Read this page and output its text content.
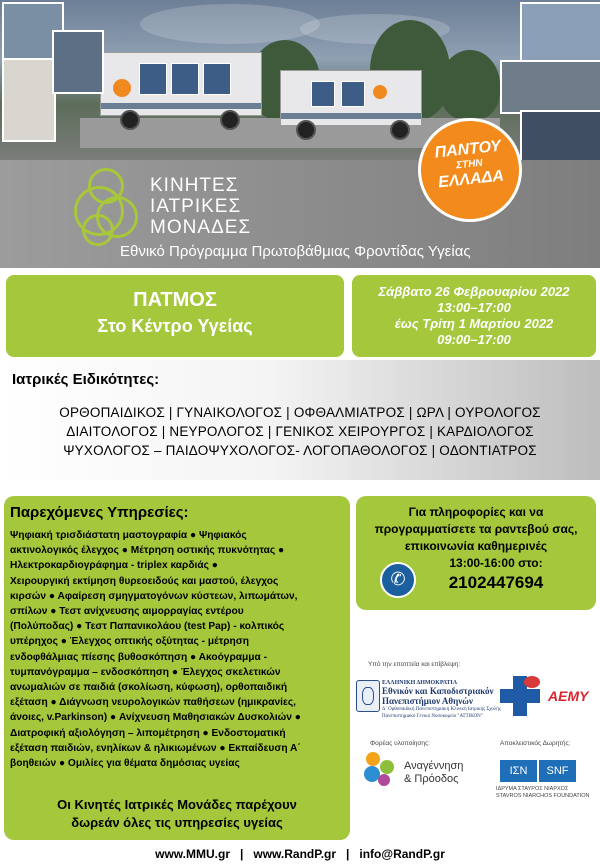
ΚΙΝΗΤΕΣ
ΙΑΤΡΙΚΕΣ
ΜΟΝΑΔΕΣ
Εθνικό Πρόγραμμα Πρωτοβάθμιας Φροντίδας Υγείας
ΠΑΝΤΟΥ
ΣΤΗΝ
ΕΛΛΑΔΑ
ΠΑΤΜΟΣ
Στο Κέντρο Υγείας
Σάββατο 26 Φεβρουαρίου 2022
13:00–17:00
έως Τρίτη 1 Μαρτίου 2022
09:00–17:00
Ιατρικές Ειδικότητες:
ΟΡΘΟΠΑΙΔΙΚΟΣ | ΓΥΝΑΙΚΟΛΟΓΟΣ | ΟΦΘΑΛΜΙΑΤΡΟΣ | ΩΡΛ | ΟΥΡΟΛΟΓΟΣ
ΔΙΑΙΤΟΛΟΓΟΣ | ΝΕΥΡΟΛΟΓΟΣ | ΓΕΝΙΚΟΣ ΧΕΙΡΟΥΡΓΟΣ | ΚΑΡΔΙΟΛΟΓΟΣ
ΨΥΧΟΛΟΓΟΣ – ΠΑΙΔΟΨΥΧΟΛΟΓΟΣ- ΛΟΓΟΠΑΘΟΛΟΓΟΣ | ΟΔΟΝΤΙΑΤΡΟΣ
Παρεχόμενες Υπηρεσίες:
Ψηφιακή τρισδιάστατη μαστογραφία ● Ψηφιακός
ακτινολογικός έλεγχος ● Μέτρηση οστικής πυκνότητας ●
Ηλεκτροκαρδιογράφημα - triplex καρδιάς ●
Χειρουργική εκτίμηση θυρεοειδούς και μαστού, έλεγχος
κιρσών ● Αφαίρεση σμηγματογόνων κύστεων, λιπωμάτων,
σπίλων ● Τεστ ανίχνευσης αιμορραγίας εντέρου
(Πολύποδας) ● Τεστ Παπανικολάου (test Pap) - κολπικός
υπέρηχος ● Έλεγχος οπτικής οξύτητας - μέτρηση
ενδοφθάλμιας πίεσης βυθοσκόπηση ● Ακοόγραμμα -
τυμπανόγραμμα – ενδοσκόπηση ● Έλεγχος σκελετικών
ανωμαλιών σε παιδιά (σκολίωση, κύφωση), ορθοπαιδική
εξέταση ● Διάγνωση νευρολογικών παθήσεων (ημικρανίες,
άνοιες, v.Parkinson) ● Ανίχνευση Μαθησιακών Δυσκολιών ●
Διατροφική αξιολόγηση – λιπομέτρηση ● Ενδοστοματική
εξέταση παιδιών, ενηλίκων & ηλικιωμένων ● Εκπαίδευση Α΄
βοηθειών ● Ομιλίες για θέματα δημόσιας υγείας
Οι Κινητές Ιατρικές Μονάδες παρέχουν
δωρεάν όλες τις υπηρεσίες υγείας
Για πληροφορίες και να
προγραμματίσετε τα ραντεβού σας,
επικοινωνία καθημερινές
13:00-16:00 στο:
2102447694
✆
Υπό την εποπτεία και επίβλεψη:
ΕΛΛΗΝΙΚΗ ΔΗΜΟΚΡΑΤΙΑ
Εθνικόν και Καποδιστριακόν
Πανεπιστήμιον Αθηνών
Δ΄ Ορθοπαιδική Πανεπιστημιακή Κλινική Ιατρικής Σχολής
Πανεπιστημιακό Γενικό Νοσοκομείο "ΑΤΤΙΚΟΝ"
ΑΕΜΥ
Φορέας υλοποίησης:
Αναγέννηση
& Πρόοδος
Αποκλειστικός Δωρητής:
ΙΣΝ	SNF
ΙΔΡΥΜΑ ΣΤΑΥΡΟΣ ΝΙΑΡΧΟΣ
STAVROS NIARCHOS FOUNDATION
www.MMU.gr   |   www.RandP.gr   |   info@RandP.gr
